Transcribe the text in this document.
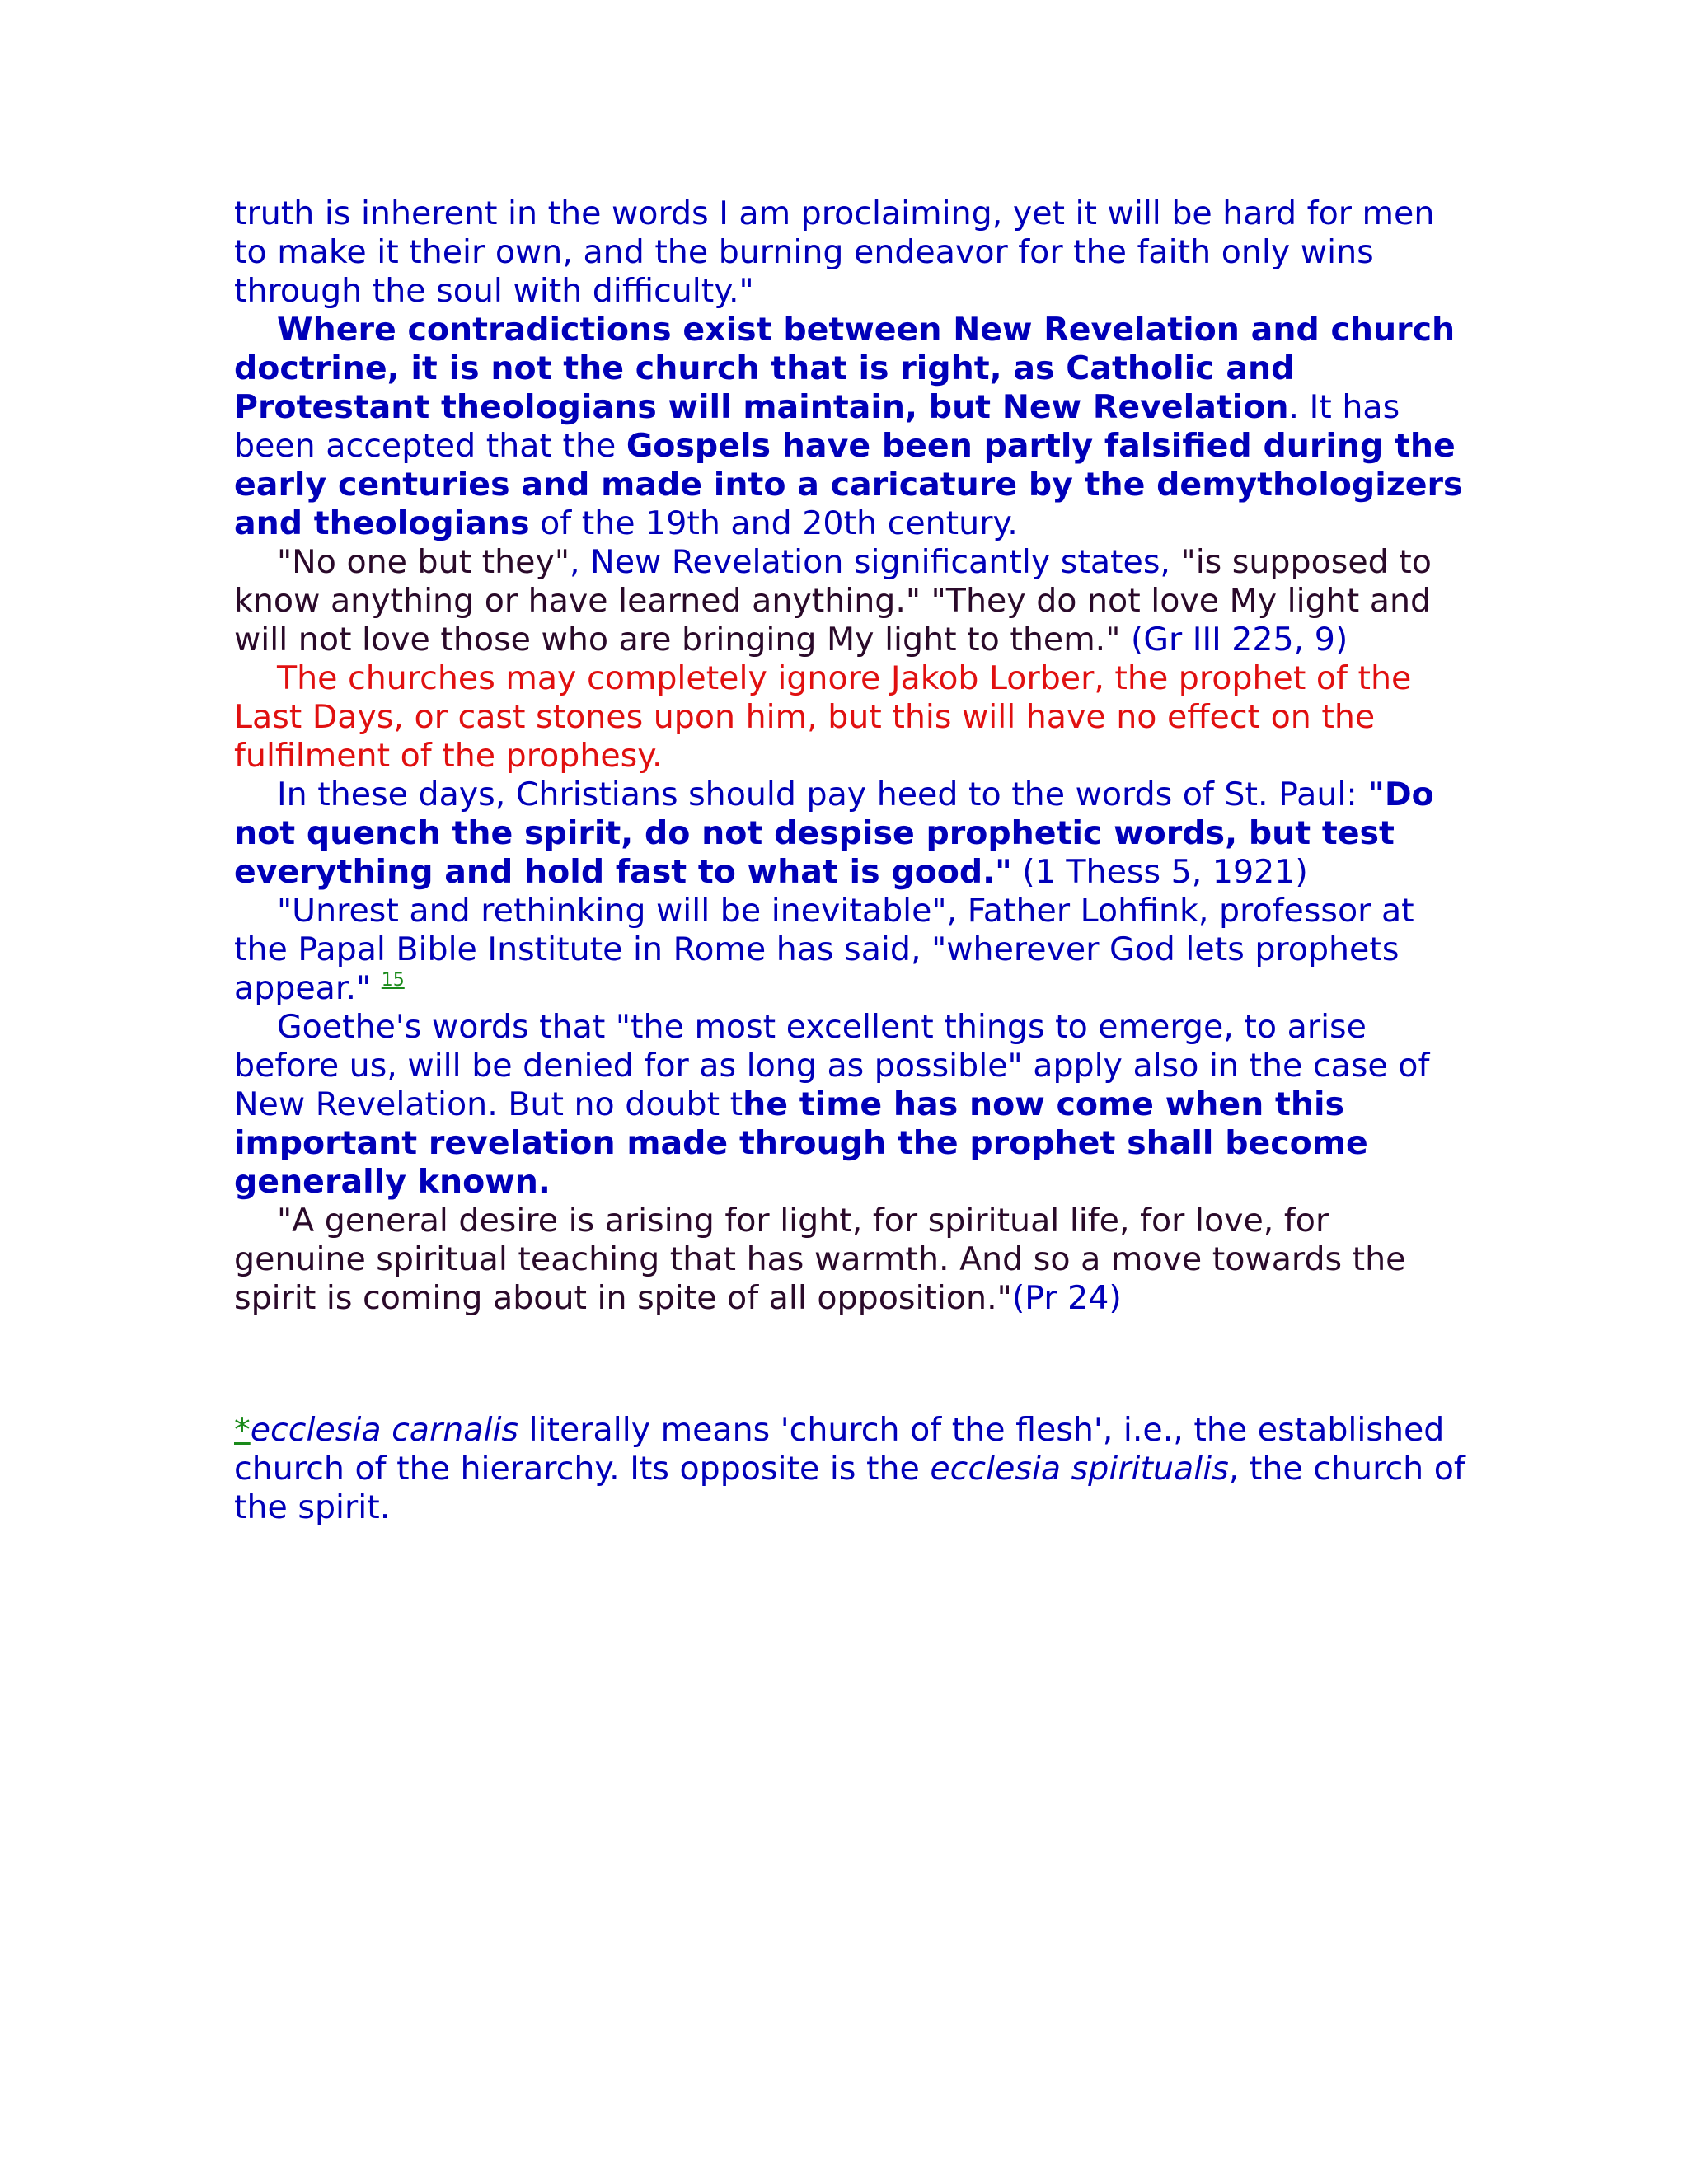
truth is inherent in the words I am proclaiming, yet it will be hard for men to make it their own, and the burning endeavor for the faith only wins through the soul with difficulty."

Where contradictions exist between New Revelation and church doctrine, it is not the church that is right, as Catholic and Protestant theologians will maintain, but New Revelation. It has been accepted that the Gospels have been partly falsified during the early centuries and made into a caricature by the demythologizers and theologians of the 19th and 20th century.

"No one but they", New Revelation significantly states, "is supposed to know anything or have learned anything." "They do not love My light and will not love those who are bringing My light to them." (Gr III 225, 9)

The churches may completely ignore Jakob Lorber, the prophet of the Last Days, or cast stones upon him, but this will have no effect on the fulfilment of the prophesy.

In these days, Christians should pay heed to the words of St. Paul: "Do not quench the spirit, do not despise prophetic words, but test everything and hold fast to what is good." (1 Thess 5, 1921)

"Unrest and rethinking will be inevitable", Father Lohfink, professor at the Papal Bible Institute in Rome has said, "wherever God lets prophets appear." $^{15}$

Goethe's words that "the most excellent things to emerge, to arise before us, will be denied for as long as possible" apply also in the case of New Revelation. But no doubt the time has now come when this important revelation made through the prophet shall become generally known.

"A general desire is arising for light, for spiritual life, for love, for genuine spiritual teaching that has warmth. And so a move towards the spirit is coming about in spite of all opposition."(Pr 24)

*ecclesia carnalis literally means 'church of the flesh', i.e., the established church of the hierarchy. Its opposite is the ecclesia spiritualis, the church of the spirit.
